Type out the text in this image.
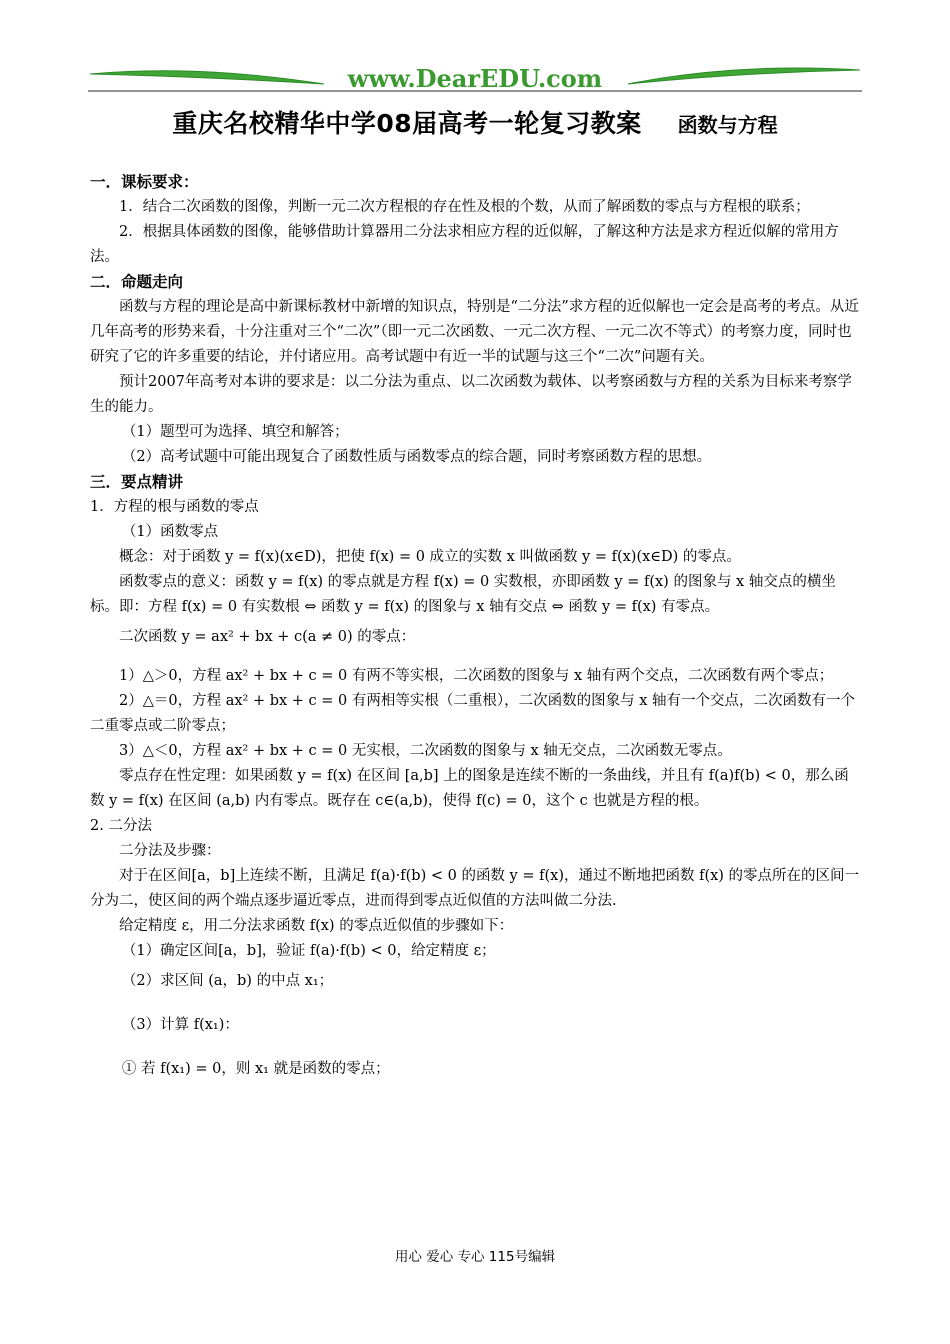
www.DearEDU.com
重庆名校精华中学08届高考一轮复习教案 函数与方程

一．课标要求：

1．结合二次函数的图像，判断一元二次方程根的存在性及根的个数，从而了解函数的零点与方程根的联系；

2．根据具体函数的图像，能够借助计算器用二分法求相应方程的近似解，了解这种方法是求方程近似解的常用方法。

二．命题走向

函数与方程的理论是高中新课标教材中新增的知识点，特别是“二分法”求方程的近似解也一定会是高考的考点。从近几年高考的形势来看，十分注重对三个“二次”（即一元二次函数、一元二次方程、一元二次不等式）的考察力度，同时也研究了它的许多重要的结论，并付诸应用。高考试题中有近一半的试题与这三个“二次”问题有关。

预计2007年高考对本讲的要求是：以二分法为重点、以二次函数为载体、以考察函数与方程的关系为目标来考察学生的能力。

（1）题型可为选择、填空和解答；

（2）高考试题中可能出现复合了函数性质与函数零点的综合题，同时考察函数方程的思想。

三．要点精讲

1．方程的根与函数的零点

（1）函数零点

概念：对于函数 y = f(x)(x∈D)，把使 f(x) = 0 成立的实数 x 叫做函数 y = f(x)(x∈D) 的零点。

函数零点的意义：函数 y = f(x) 的零点就是方程 f(x) = 0 实数根，亦即函数 y = f(x) 的图象与 x 轴交点的横坐标。即：方程 f(x) = 0 有实数根 ⇔ 函数 y = f(x) 的图象与 x 轴有交点 ⇔ 函数 y = f(x) 有零点。

二次函数 y = ax² + bx + c(a ≠ 0) 的零点：

1）△＞0，方程 ax² + bx + c = 0 有两不等实根，二次函数的图象与 x 轴有两个交点，二次函数有两个零点；

2）△＝0，方程 ax² + bx + c = 0 有两相等实根（二重根），二次函数的图象与 x 轴有一个交点，二次函数有一个二重零点或二阶零点；

3）△＜0，方程 ax² + bx + c = 0 无实根，二次函数的图象与 x 轴无交点，二次函数无零点。

零点存在性定理：如果函数 y = f(x) 在区间 [a,b] 上的图象是连续不断的一条曲线，并且有 f(a)f(b) < 0，那么函数 y = f(x) 在区间 (a,b) 内有零点。既存在 c∈(a,b)，使得 f(c) = 0，这个 c 也就是方程的根。

2. 二分法

二分法及步骤：

对于在区间[a，b]上连续不断，且满足 f(a)·f(b) < 0 的函数 y = f(x)，通过不断地把函数 f(x) 的零点所在的区间一分为二，使区间的两个端点逐步逼近零点，进而得到零点近似值的方法叫做二分法.

给定精度 ε，用二分法求函数 f(x) 的零点近似值的步骤如下：

（1）确定区间[a，b]，验证 f(a)·f(b) < 0，给定精度 ε；

（2）求区间 (a，b) 的中点 x₁；

（3）计算 f(x₁)：

① 若 f(x₁) = 0，则 x₁ 就是函数的零点；

用心 爱心 专心 115号编辑
